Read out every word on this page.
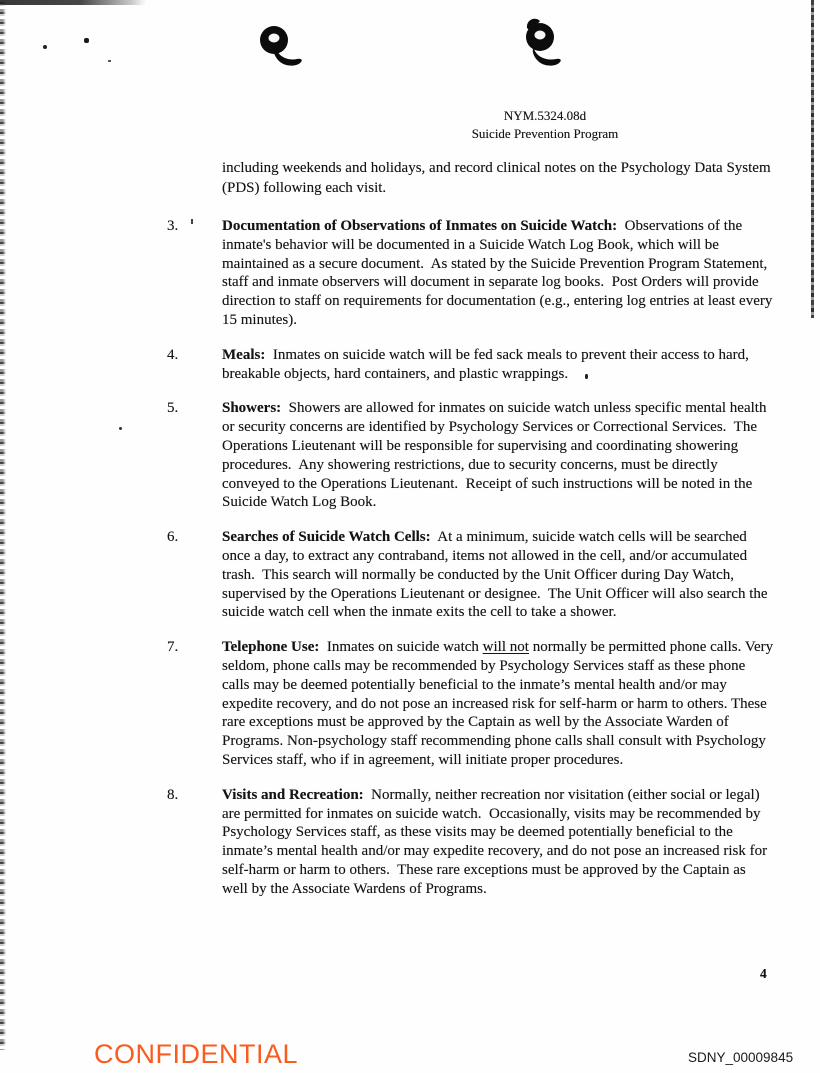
NYM.5324.08d
Suicide Prevention Program

including weekends and holidays, and record clinical notes on the Psychology Data System (PDS) following each visit.

3.	Documentation of Observations of Inmates on Suicide Watch:  Observations of the inmate's behavior will be documented in a Suicide Watch Log Book, which will be maintained as a secure document.  As stated by the Suicide Prevention Program Statement, staff and inmate observers will document in separate log books.  Post Orders will provide direction to staff on requirements for documentation (e.g., entering log entries at least every 15 minutes).
4.	Meals:  Inmates on suicide watch will be fed sack meals to prevent their access to hard, breakable objects, hard containers, and plastic wrappings.
5.	Showers:  Showers are allowed for inmates on suicide watch unless specific mental health or security concerns are identified by Psychology Services or Correctional Services.  The Operations Lieutenant will be responsible for supervising and coordinating showering procedures.  Any showering restrictions, due to security concerns, must be directly conveyed to the Operations Lieutenant.  Receipt of such instructions will be noted in the Suicide Watch Log Book.
6.	Searches of Suicide Watch Cells:  At a minimum, suicide watch cells will be searched once a day, to extract any contraband, items not allowed in the cell, and/or accumulated trash.  This search will normally be conducted by the Unit Officer during Day Watch, supervised by the Operations Lieutenant or designee.  The Unit Officer will also search the suicide watch cell when the inmate exits the cell to take a shower.
7.	Telephone Use:  Inmates on suicide watch will not normally be permitted phone calls. Very seldom, phone calls may be recommended by Psychology Services staff as these phone calls may be deemed potentially beneficial to the inmate’s mental health and/or may expedite recovery, and do not pose an increased risk for self-harm or harm to others. These rare exceptions must be approved by the Captain as well by the Associate Warden of Programs. Non-psychology staff recommending phone calls shall consult with Psychology Services staff, who if in agreement, will initiate proper procedures.
8.	Visits and Recreation:  Normally, neither recreation nor visitation (either social or legal) are permitted for inmates on suicide watch.  Occasionally, visits may be recommended by Psychology Services staff, as these visits may be deemed potentially beneficial to the inmate’s mental health and/or may expedite recovery, and do not pose an increased risk for self-harm or harm to others.  These rare exceptions must be approved by the Captain as well by the Associate Wardens of Programs.
4
CONFIDENTIAL	SDNY_00009845
